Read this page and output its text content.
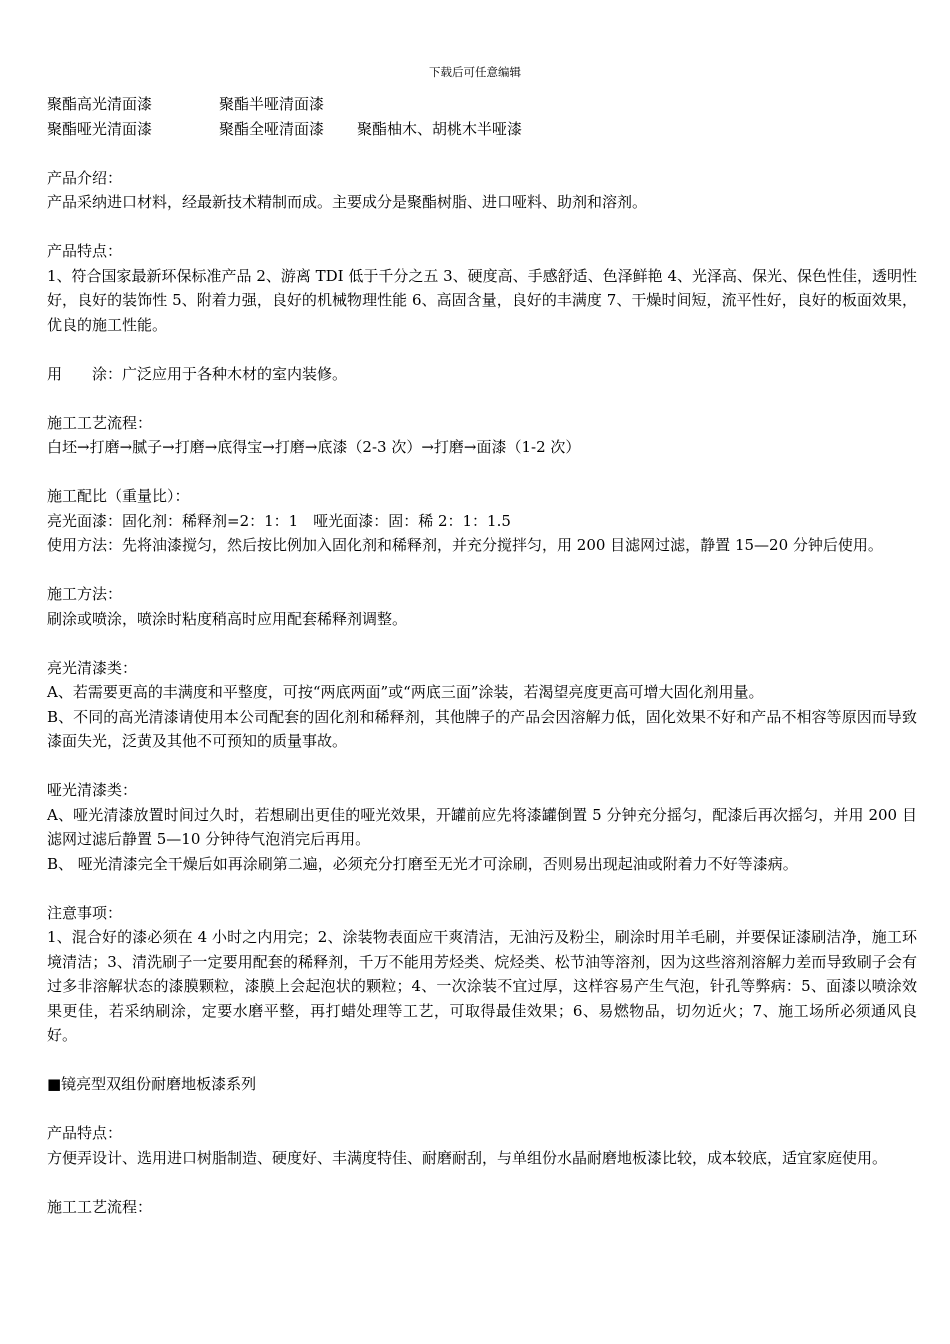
下载后可任意编辑
聚酯高光清面漆	聚酯半哑清面漆
聚酯哑光清面漆	聚酯全哑清面漆 聚酯柚木、胡桃木半哑漆
产品介绍：
产品采纳进口材料，经最新技术精制而成。主要成分是聚酯树脂、进口哑料、助剂和溶剂。
产品特点：
1、符合国家最新环保标准产品 2、游离 TDI 低于千分之五 3、硬度高、手感舒适、色泽鲜艳 4、光泽高、保光、保色性佳，透明性好，良好的装饰性 5、附着力强，良好的机械物理性能 6、高固含量，良好的丰满度 7、干燥时间短，流平性好，良好的板面效果，优良的施工性能。
用　　涂：广泛应用于各种木材的室内装修。
施工工艺流程：
白坯→打磨→腻子→打磨→底得宝→打磨→底漆（2-3 次）→打磨→面漆（1-2 次）
施工配比（重量比）：
亮光面漆：固化剂：稀释剂=2：1：1　哑光面漆：固：稀 2：1：1.5
使用方法：先将油漆搅匀，然后按比例加入固化剂和稀释剂，并充分搅拌匀，用 200 目滤网过滤，静置 15—20 分钟后使用。
施工方法：
刷涂或喷涂，喷涂时粘度稍高时应用配套稀释剂调整。
亮光清漆类：
A、若需要更高的丰满度和平整度，可按“两底两面”或“两底三面”涂装，若渴望亮度更高可增大固化剂用量。
B、不同的高光清漆请使用本公司配套的固化剂和稀释剂，其他牌子的产品会因溶解力低，固化效果不好和产品不相容等原因而导致漆面失光，泛黄及其他不可预知的质量事故。
哑光清漆类：
A、哑光清漆放置时间过久时，若想刷出更佳的哑光效果，开罐前应先将漆罐倒置 5 分钟充分摇匀，配漆后再次摇匀，并用 200 目滤网过滤后静置 5—10 分钟待气泡消完后再用。
B、 哑光清漆完全干燥后如再涂刷第二遍，必须充分打磨至无光才可涂刷，否则易出现起油或附着力不好等漆病。
注意事项：
1、混合好的漆必须在 4 小时之内用完；2、涂装物表面应干爽清洁，无油污及粉尘，刷涂时用羊毛刷，并要保证漆刷洁净，施工环境清洁；3、清洗刷子一定要用配套的稀释剂，千万不能用芳烃类、烷烃类、松节油等溶剂，因为这些溶剂溶解力差而导致刷子会有过多非溶解状态的漆膜颗粒，漆膜上会起泡状的颗粒；4、一次涂装不宜过厚，这样容易产生气泡，针孔等弊病：5、面漆以喷涂效果更佳，若采纳刷涂，定要水磨平整，再打蜡处理等工艺，可取得最佳效果；6、易燃物品，切勿近火；7、施工场所必须通风良好。
■镜亮型双组份耐磨地板漆系列
产品特点：
方便弄设计、选用进口树脂制造、硬度好、丰满度特佳、耐磨耐刮，与单组份水晶耐磨地板漆比较，成本较底，适宜家庭使用。
施工工艺流程：
